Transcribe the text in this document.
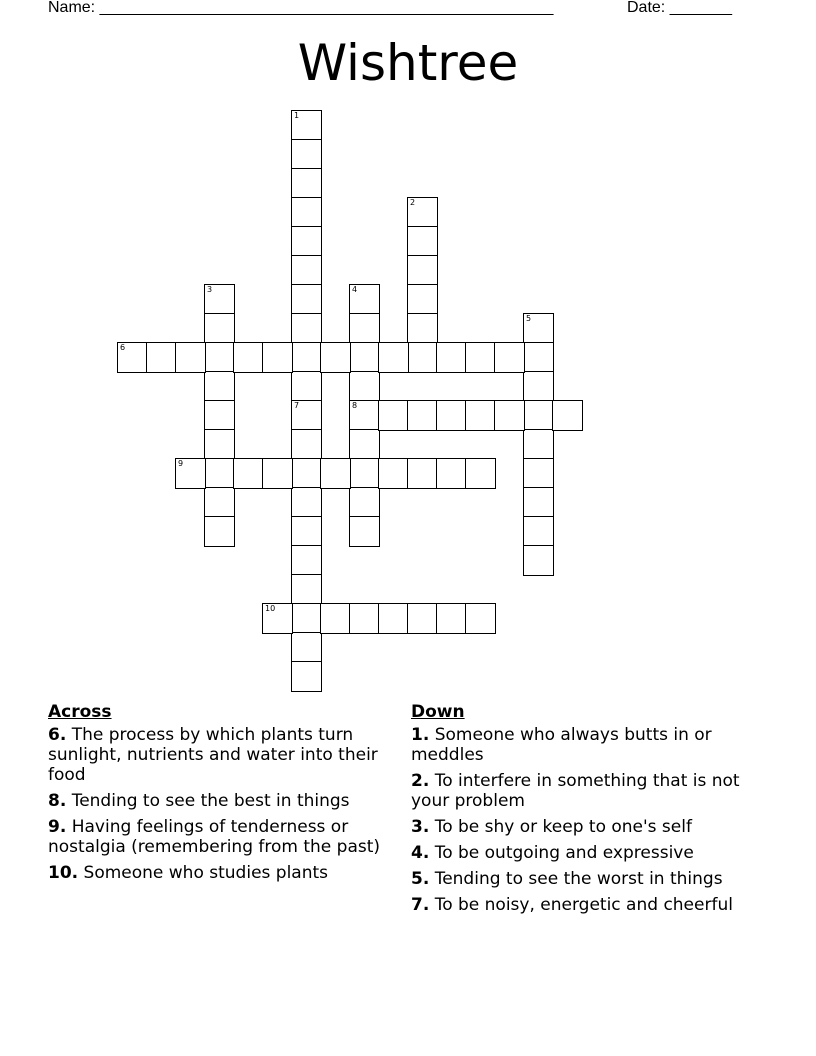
Name: ___________________________________________________	Date: _______
Wishtree
1
7
2
3	4
8
5
6
9
10
Across
6. The process by which plants turn sunlight, nutrients and water into their food
8. Tending to see the best in things
9. Having feelings of tenderness or nostalgia (remembering from the past)
10. Someone who studies plants
Down
1. Someone who always butts in or meddles
2. To interfere in something that is not your problem
3. To be shy or keep to one's self
4. To be outgoing and expressive
5. Tending to see the worst in things
7. To be noisy, energetic and cheerful
